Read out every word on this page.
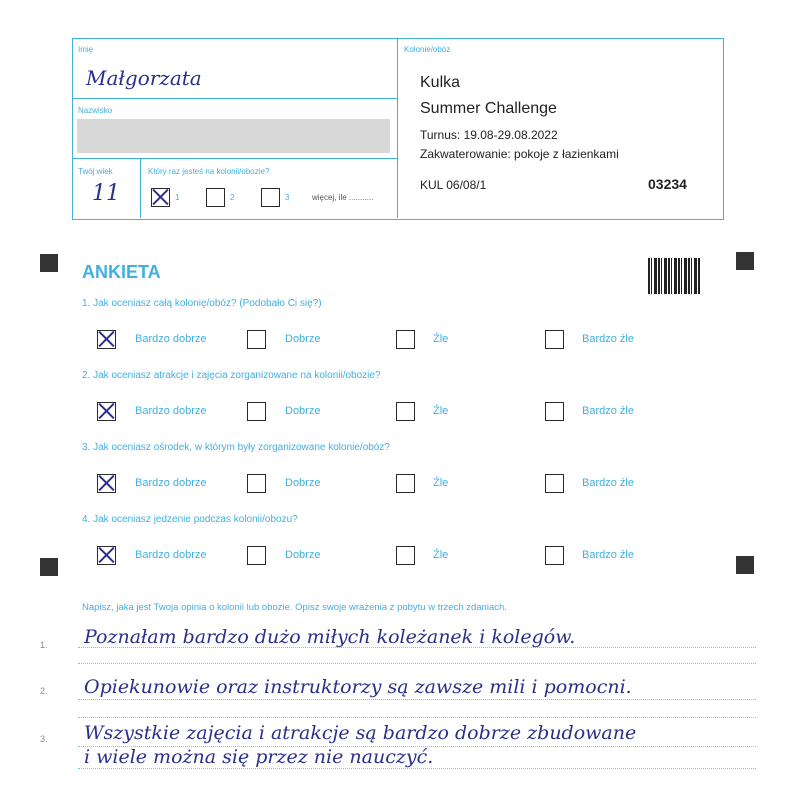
Imię
Małgorzata
Nazwisko
Twój wiek
11
Który raz jesteś na kolonii/obozie?
1	2	3	więcej, ile ...........
Kolonie/obóz
Kulka
Summer Challenge
Turnus: 19.08-29.08.2022
Zakwaterowanie: pokoje z łazienkami
KUL 06/08/1	03234
ANKIETA
1. Jak oceniasz całą kolonię/obóz? (Podobało Ci się?)
Bardzo dobrze	Dobrze	Źle	Bardzo źle
2. Jak oceniasz atrakcje i zajęcia zorganizowane na kolonii/obozie?
Bardzo dobrze	Dobrze	Źle	Bardzo źle
3. Jak oceniasz ośrodek, w którym były zorganizowane kolonie/obóz?
Bardzo dobrze	Dobrze	Źle	Bardzo źle
4. Jak oceniasz jedzenie podczas kolonii/obozu?
Bardzo dobrze	Dobrze	Źle	Bardzo źle
Napisz, jaka jest Twoja opinia o kolonii lub obozie. Opisz swoje wrażenia z pobytu w trzech zdaniach.
1. Poznałam bardzo dużo miłych koleżanek i kolegów.
2. Opiekunowie oraz instruktorzy są zawsze mili i pomocni.
3. Wszystkie zajęcia i atrakcje są bardzo dobrze zbudowane
i wiele można się przez nie nauczyć.
